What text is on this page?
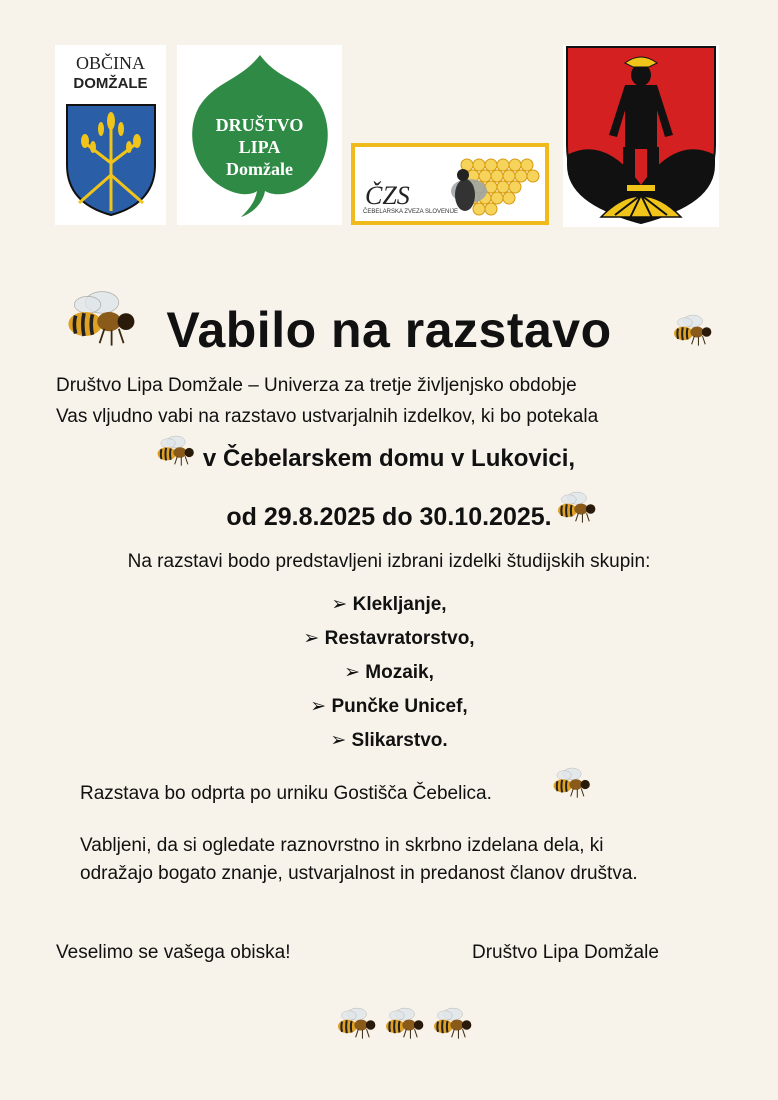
OBČINA
DOMŽALE
DRUŠTVO
LIPA
Domžale
ČZS
ČEBELARSKA ZVEZA SLOVENIJE
Vabilo na razstavo
Društvo Lipa Domžale – Univerza za tretje življenjsko obdobje
Vas vljudno vabi na razstavo ustvarjalnih izdelkov, ki bo potekala
v Čebelarskem domu v Lukovici,
od 29.8.2025 do 30.10.2025.
Na razstavi bodo predstavljeni izbrani izdelki študijskih skupin:
➢ Klekljanje,
➢ Restavratorstvo,
➢ Mozaik,
➢ Punčke Unicef,
➢ Slikarstvo.
Razstava bo odprta po urniku Gostišča Čebelica.
Vabljeni, da si ogledate raznovrstno in skrbno izdelana dela, ki
odražajo bogato znanje, ustvarjalnost in predanost članov društva.
Veselimo se vašega obiska!	Društvo Lipa Domžale
